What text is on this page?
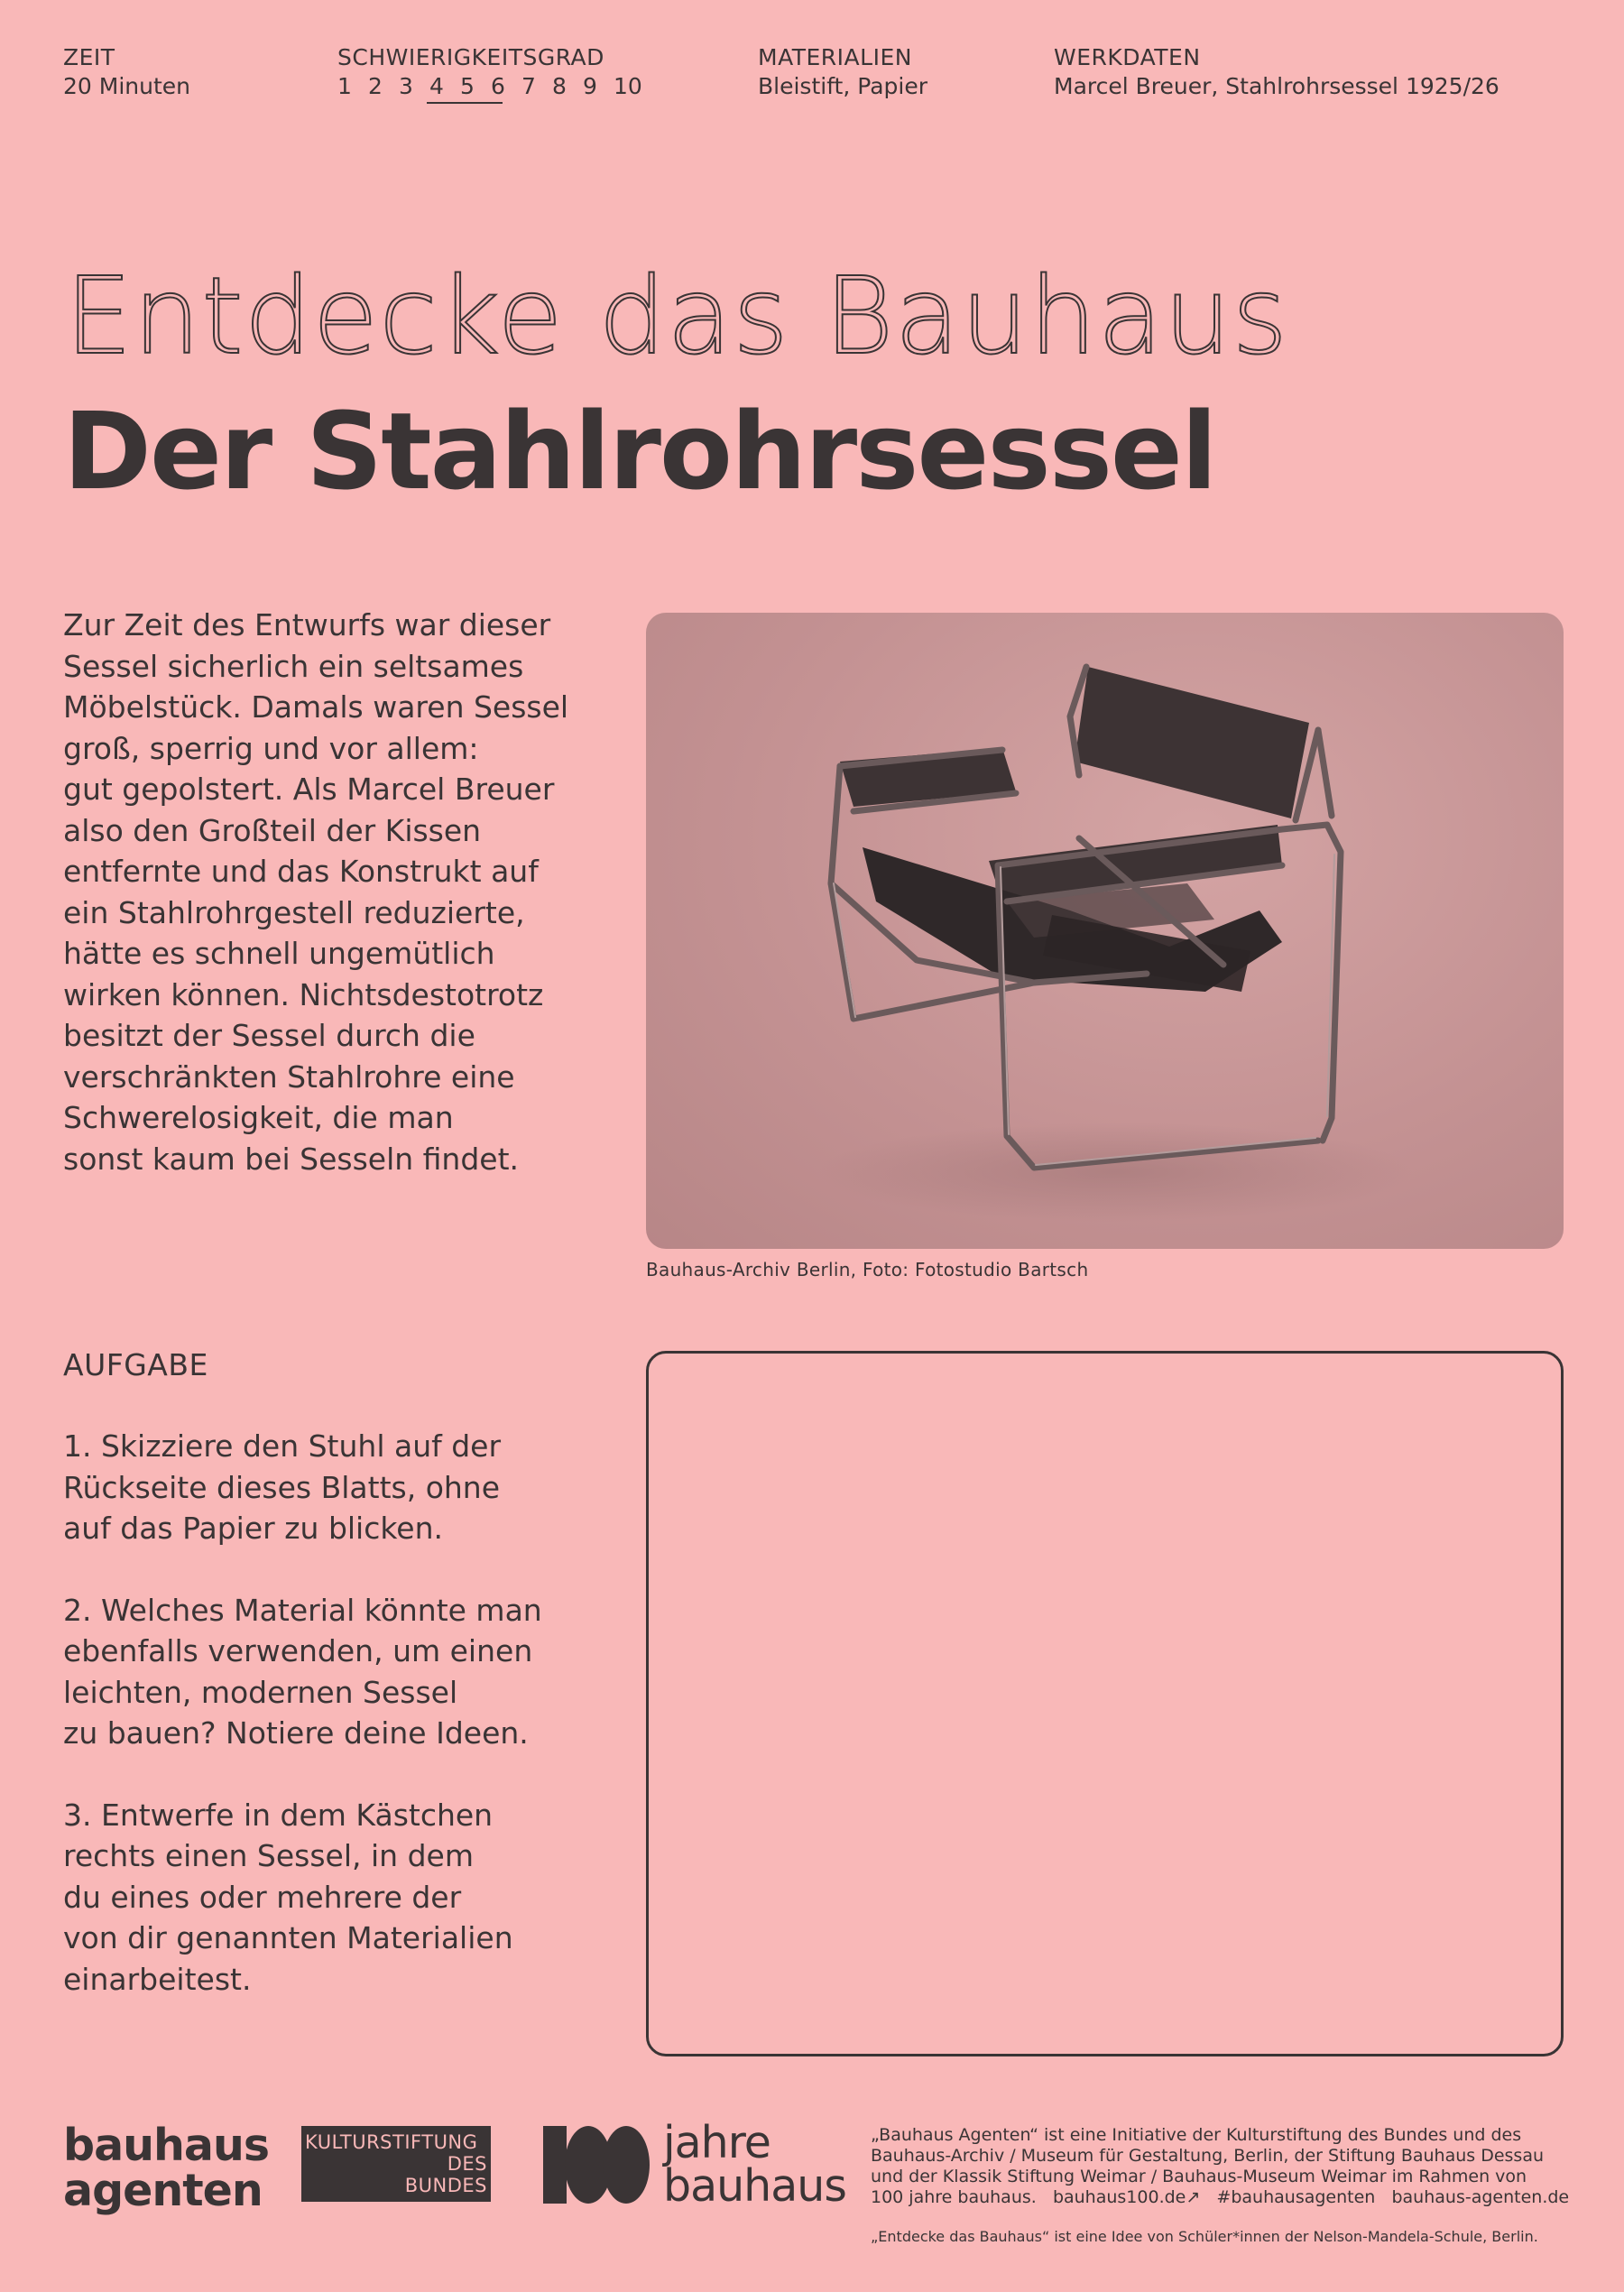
ZEIT
20 Minuten
SCHWIERIGKEITSGRAD
1 2 3 4 5 6 7 8 9 10
MATERIALIEN
Bleistift, Papier
WERKDATEN
Marcel Breuer, Stahlrohrsessel 1925/26
Entdecke das Bauhaus
Der Stahlrohrsessel

Zur Zeit des Entwurfs war dieser

Sessel sicherlich ein seltsames

Möbelstück. Damals waren Sessel

groß, sperrig und vor allem:

gut gepolstert. Als Marcel Breuer

also den Großteil der Kissen

entfernte und das Konstrukt auf

ein Stahlrohrgestell reduzierte,

hätte es schnell ungemütlich

wirken können. Nichtsdestotrotz

besitzt der Sessel durch die

verschränkten Stahlrohre eine

Schwerelosigkeit, die man

sonst kaum bei Sesseln findet.

Bauhaus-Archiv Berlin, Foto: Fotostudio Bartsch
AUFGABE

1. Skizziere den Stuhl auf der

Rückseite dieses Blatts, ohne

auf das Papier zu blicken.

2. Welches Material könnte man

ebenfalls verwenden, um einen

leichten, modernen Sessel

zu bauen? Notiere deine Ideen.

3. Entwerfe in dem Kästchen

rechts einen Sessel, in dem

du eines oder mehrere der

von dir genannten Materialien

einarbeitest.

bauhaus
agenten
KULTURSTIFTUNG
DES
BUNDES
jahre
bauhaus
„Bauhaus Agenten“ ist eine Initiative der Kulturstiftung des Bundes und des
Bauhaus-Archiv / Museum für Gestaltung, Berlin, der Stiftung Bauhaus Dessau
und der Klassik Stiftung Weimar / Bauhaus-Museum Weimar im Rahmen von
100 jahre bauhaus. bauhaus100.de↗ #bauhausagenten bauhaus-agenten.de
„Entdecke das Bauhaus“ ist eine Idee von Schüler*innen der Nelson-Mandela-Schule, Berlin.
